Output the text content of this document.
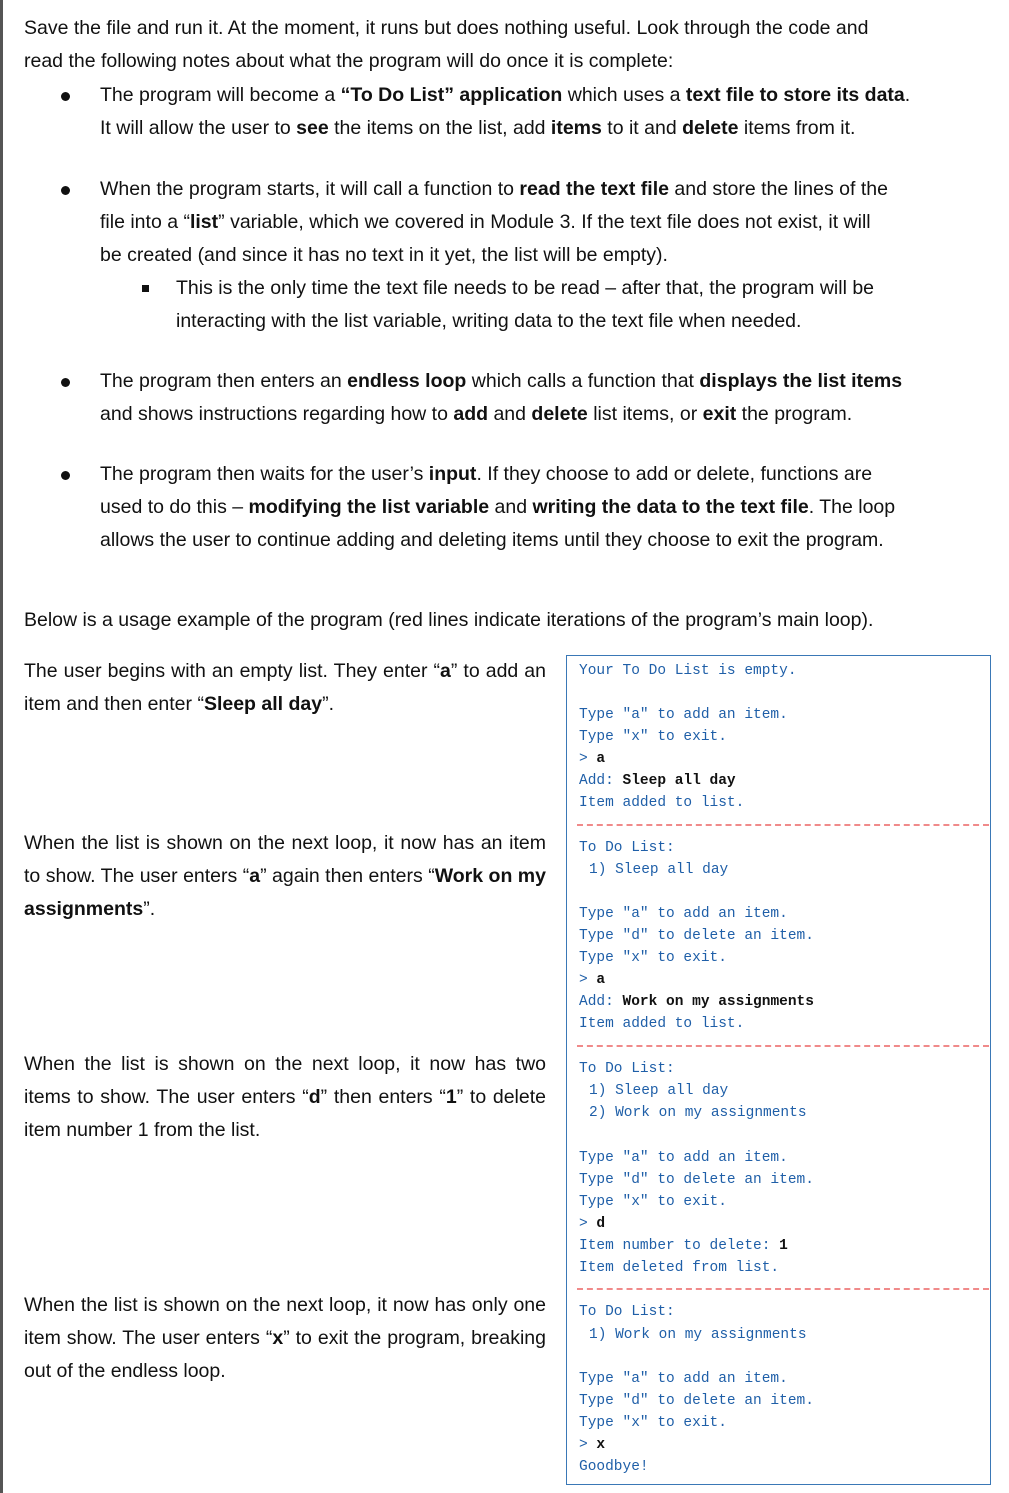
Save the file and run it. At the moment, it runs but does nothing useful. Look through the code and
read the following notes about what the program will do once it is complete:
The program will become a “To Do List” application which uses a text file to store its data.
It will allow the user to see the items on the list, add items to it and delete items from it.
When the program starts, it will call a function to read the text file and store the lines of the
file into a “list” variable, which we covered in Module 3. If the text file does not exist, it will
be created (and since it has no text in it yet, the list will be empty).
This is the only time the text file needs to be read – after that, the program will be
interacting with the list variable, writing data to the text file when needed.
The program then enters an endless loop which calls a function that displays the list items
and shows instructions regarding how to add and delete list items, or exit the program.
The program then waits for the user’s input. If they choose to add or delete, functions are
used to do this – modifying the list variable and writing the data to the text file. The loop
allows the user to continue adding and deleting items until they choose to exit the program.
Below is a usage example of the program (red lines indicate iterations of the program’s main loop).
The user begins with an empty list. They enter “a” to add an item and then enter “Sleep all day”.
When the list is shown on the next loop, it now has an item to show. The user enters “a” again then enters “Work on my assignments”.
When the list is shown on the next loop, it now has two items to show. The user enters “d” then enters “1” to delete item number 1 from the list.
When the list is shown on the next loop, it now has only one item show. The user enters “x” to exit the program, breaking out of the endless loop.
Your To Do List is empty.
Type "a" to add an item.
Type "x" to exit.
> a
Add: Sleep all day
Item added to list.
To Do List:
1) Sleep all day
Type "a" to add an item.
Type "d" to delete an item.
Type "x" to exit.
> a
Add: Work on my assignments
Item added to list.
To Do List:
1) Sleep all day
2) Work on my assignments
Type "a" to add an item.
Type "d" to delete an item.
Type "x" to exit.
> d
Item number to delete: 1
Item deleted from list.
To Do List:
1) Work on my assignments
Type "a" to add an item.
Type "d" to delete an item.
Type "x" to exit.
> x
Goodbye!
